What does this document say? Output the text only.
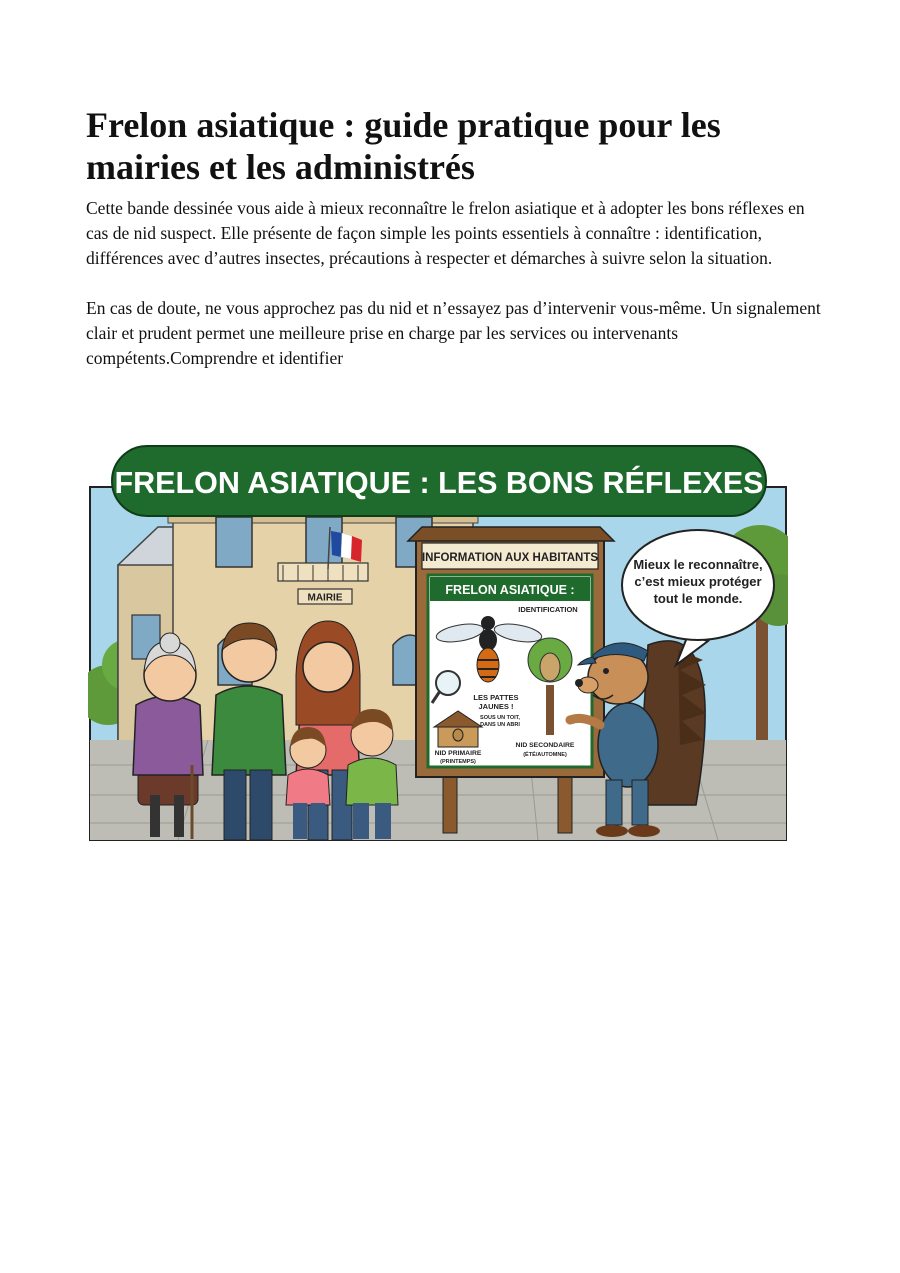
Frelon asiatique : guide pratique pour les mairies et les administrés

Cette bande dessinée vous aide à mieux reconnaître le frelon asiatique et à adopter les bons réflexes en cas de nid suspect. Elle présente de façon simple les points essentiels à connaître : identification, différences avec d’autres insectes, précautions à respecter et démarches à suivre selon la situation.

En cas de doute, ne vous approchez pas du nid et n’essayez pas d’intervenir vous-même. Un signalement clair et prudent permet une meilleure prise en charge par les services ou intervenants compétents.Comprendre et identifier

MAIRIE
INFORMATION AUX HABITANTS
FRELON ASIATIQUE :
IDENTIFICATION
LES PATTES
JAUNES !
SOUS UN TOIT,
DANS UN ABRI
NID PRIMAIRE
(PRINTEMPS)
NID SECONDAIRE
(ÉTÉ/AUTOMNE)
Mieux le reconnaître,
c’est mieux protéger
tout le monde.
FRELON ASIATIQUE : LES BONS RÉFLEXES
